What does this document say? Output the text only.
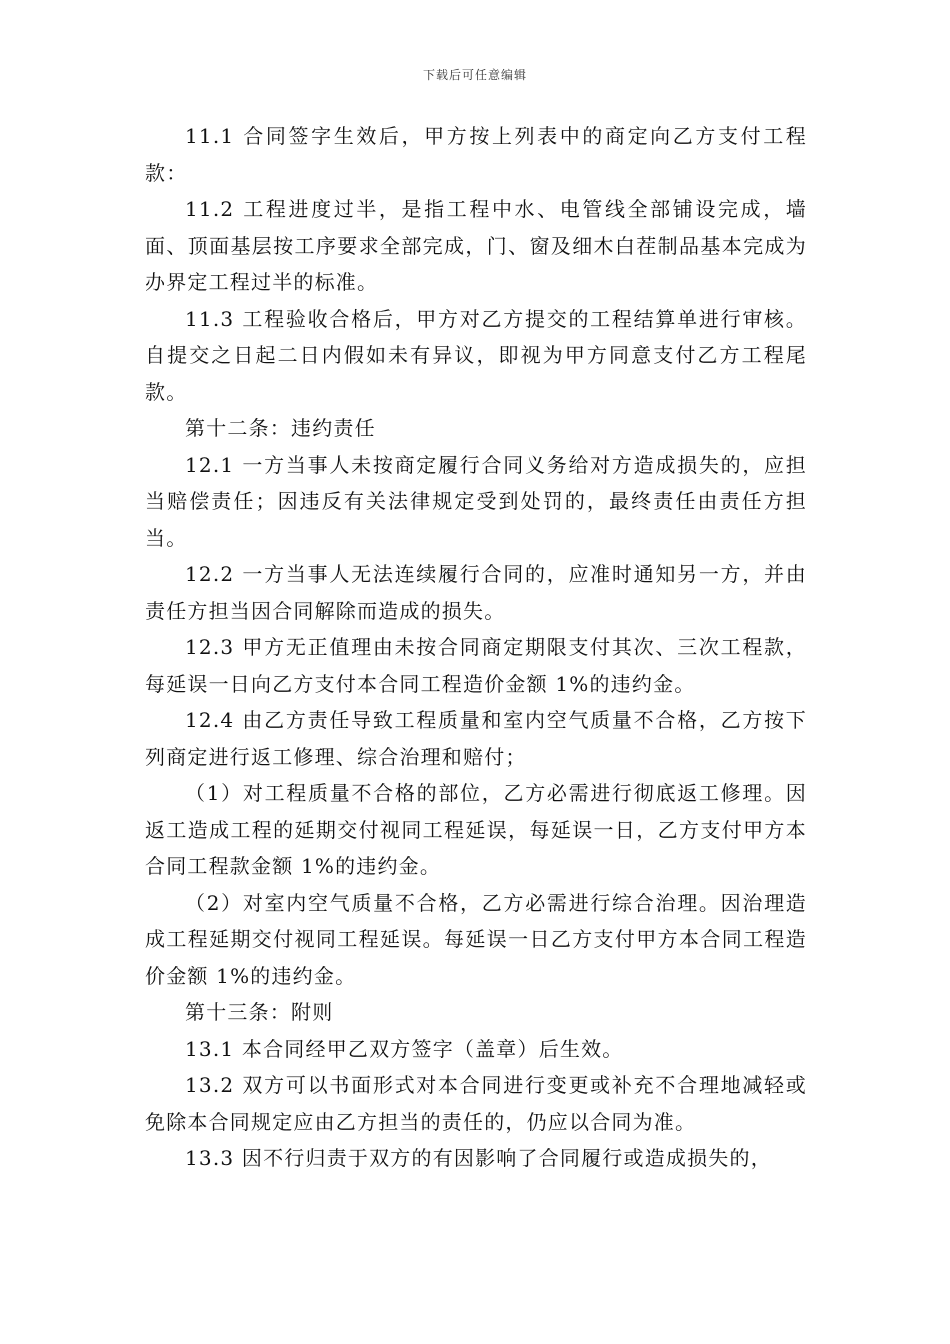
下载后可任意编辑

11.1 合同签字生效后，甲方按上列表中的商定向乙方支付工程款：

11.2 工程进度过半，是指工程中水、电管线全部铺设完成，墙面、顶面基层按工序要求全部完成，门、窗及细木白茬制品基本完成为办界定工程过半的标准。

11.3 工程验收合格后，甲方对乙方提交的工程结算单进行审核。自提交之日起二日内假如未有异议，即视为甲方同意支付乙方工程尾款。

第十二条：违约责任

12.1 一方当事人未按商定履行合同义务给对方造成损失的，应担当赔偿责任；因违反有关法律规定受到处罚的，最终责任由责任方担当。

12.2 一方当事人无法连续履行合同的，应准时通知另一方，并由责任方担当因合同解除而造成的损失。

12.3 甲方无正值理由未按合同商定期限支付其次、三次工程款，每延误一日向乙方支付本合同工程造价金额 1%的违约金。

12.4 由乙方责任导致工程质量和室内空气质量不合格，乙方按下列商定进行返工修理、综合治理和赔付；

（1）对工程质量不合格的部位，乙方必需进行彻底返工修理。因返工造成工程的延期交付视同工程延误，每延误一日，乙方支付甲方本合同工程款金额 1%的违约金。

（2）对室内空气质量不合格，乙方必需进行综合治理。因治理造成工程延期交付视同工程延误。每延误一日乙方支付甲方本合同工程造价金额 1%的违约金。

第十三条：附则

13.1 本合同经甲乙双方签字（盖章）后生效。

13.2 双方可以书面形式对本合同进行变更或补充不合理地减轻或免除本合同规定应由乙方担当的责任的，仍应以合同为准。

13.3 因不行归责于双方的有因影响了合同履行或造成损失的，
